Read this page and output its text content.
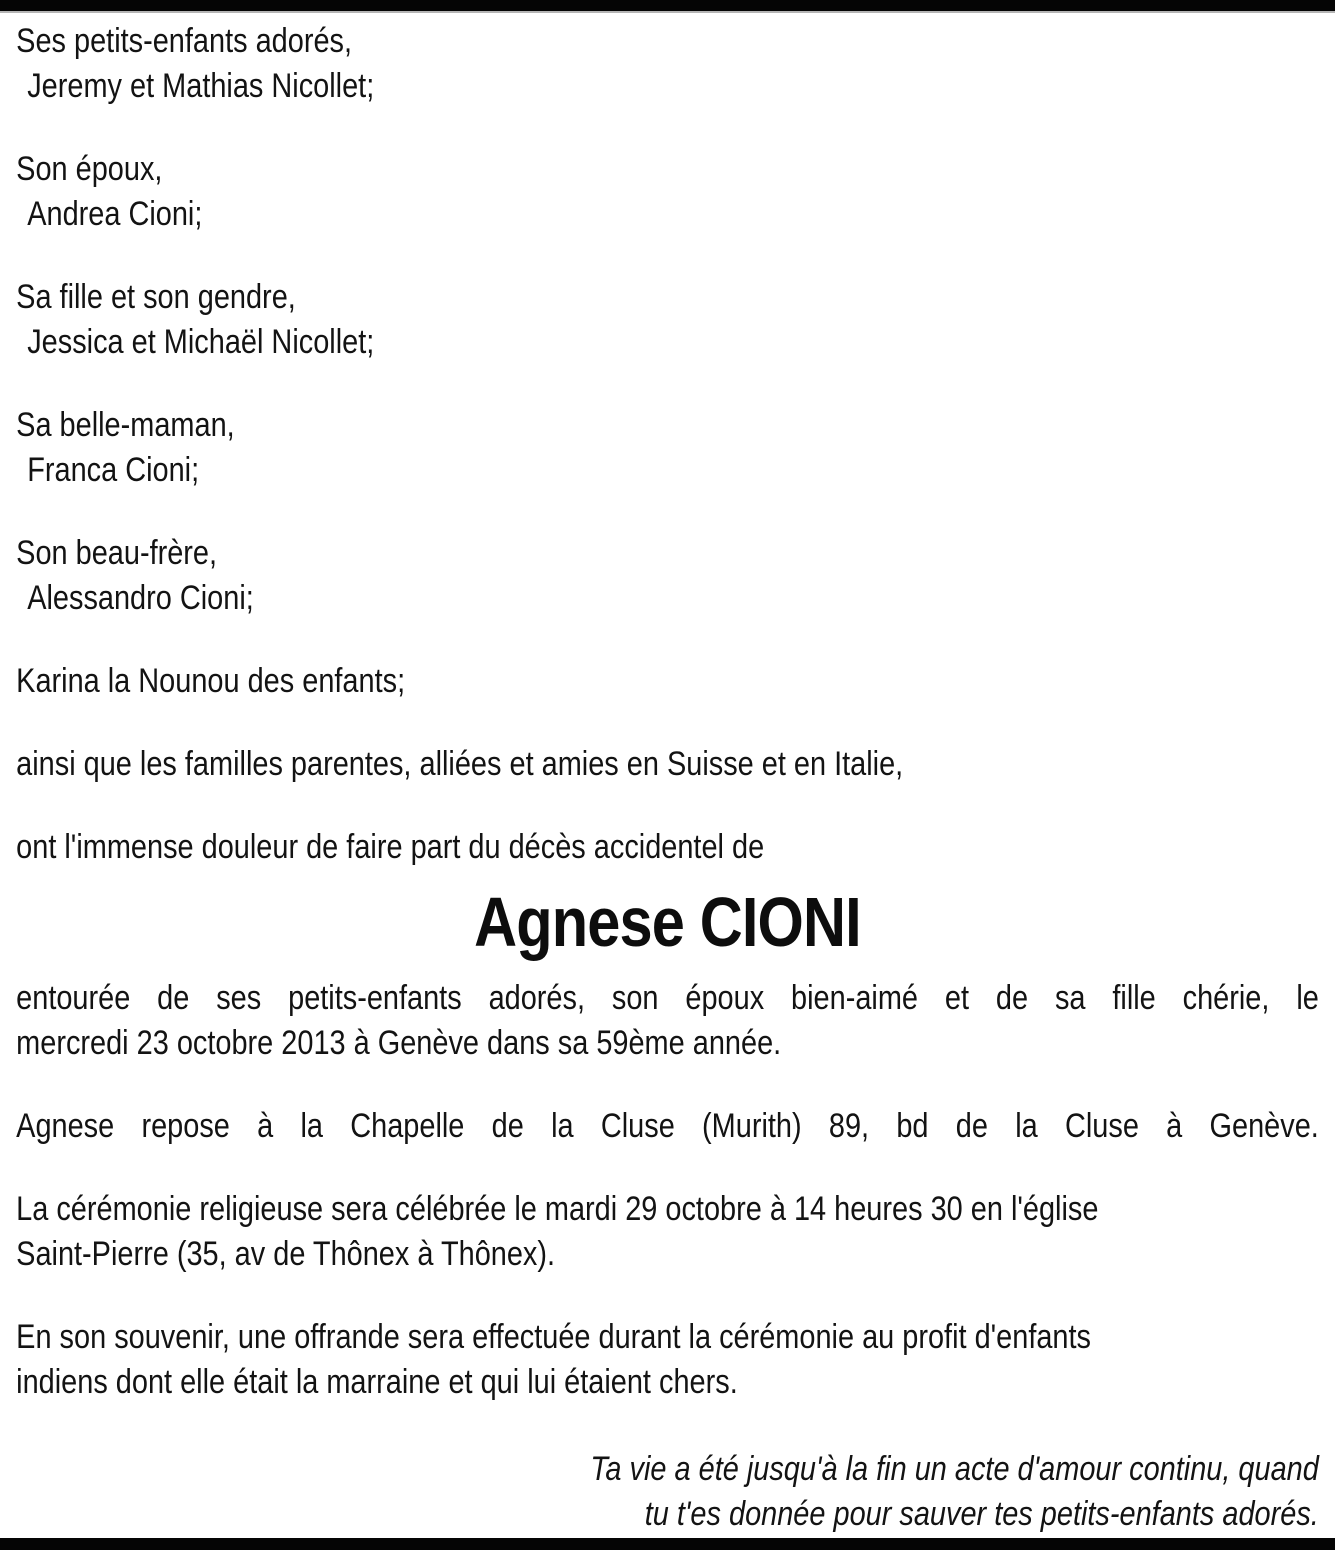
Ses petits-enfants adorés,

Jeremy et Mathias Nicollet;

Son époux,

Andrea Cioni;

Sa fille et son gendre,

Jessica et Michaël Nicollet;

Sa belle-maman,

Franca Cioni;

Son beau-frère,

Alessandro Cioni;

Karina la Nounou des enfants;

ainsi que les familles parentes, alliées et amies en Suisse et en Italie,

ont l'immense douleur de faire part du décès accidentel de

Agnese CIONI

entourée de ses petits-enfants adorés, son époux bien-aimé et de sa fille chérie, le

mercredi 23 octobre 2013 à Genève dans sa 59ème année.

Agnese repose à la Chapelle de la Cluse (Murith) 89, bd de la Cluse à Genève.

La cérémonie religieuse sera célébrée le mardi 29 octobre à 14 heures 30 en l'église

Saint-Pierre (35, av de Thônex à Thônex).

En son souvenir, une offrande sera effectuée durant la cérémonie au profit d'enfants

indiens dont elle était la marraine et qui lui étaient chers.

Ta vie a été jusqu'à la fin un acte d'amour continu, quand

tu t'es donnée pour sauver tes petits-enfants adorés.
